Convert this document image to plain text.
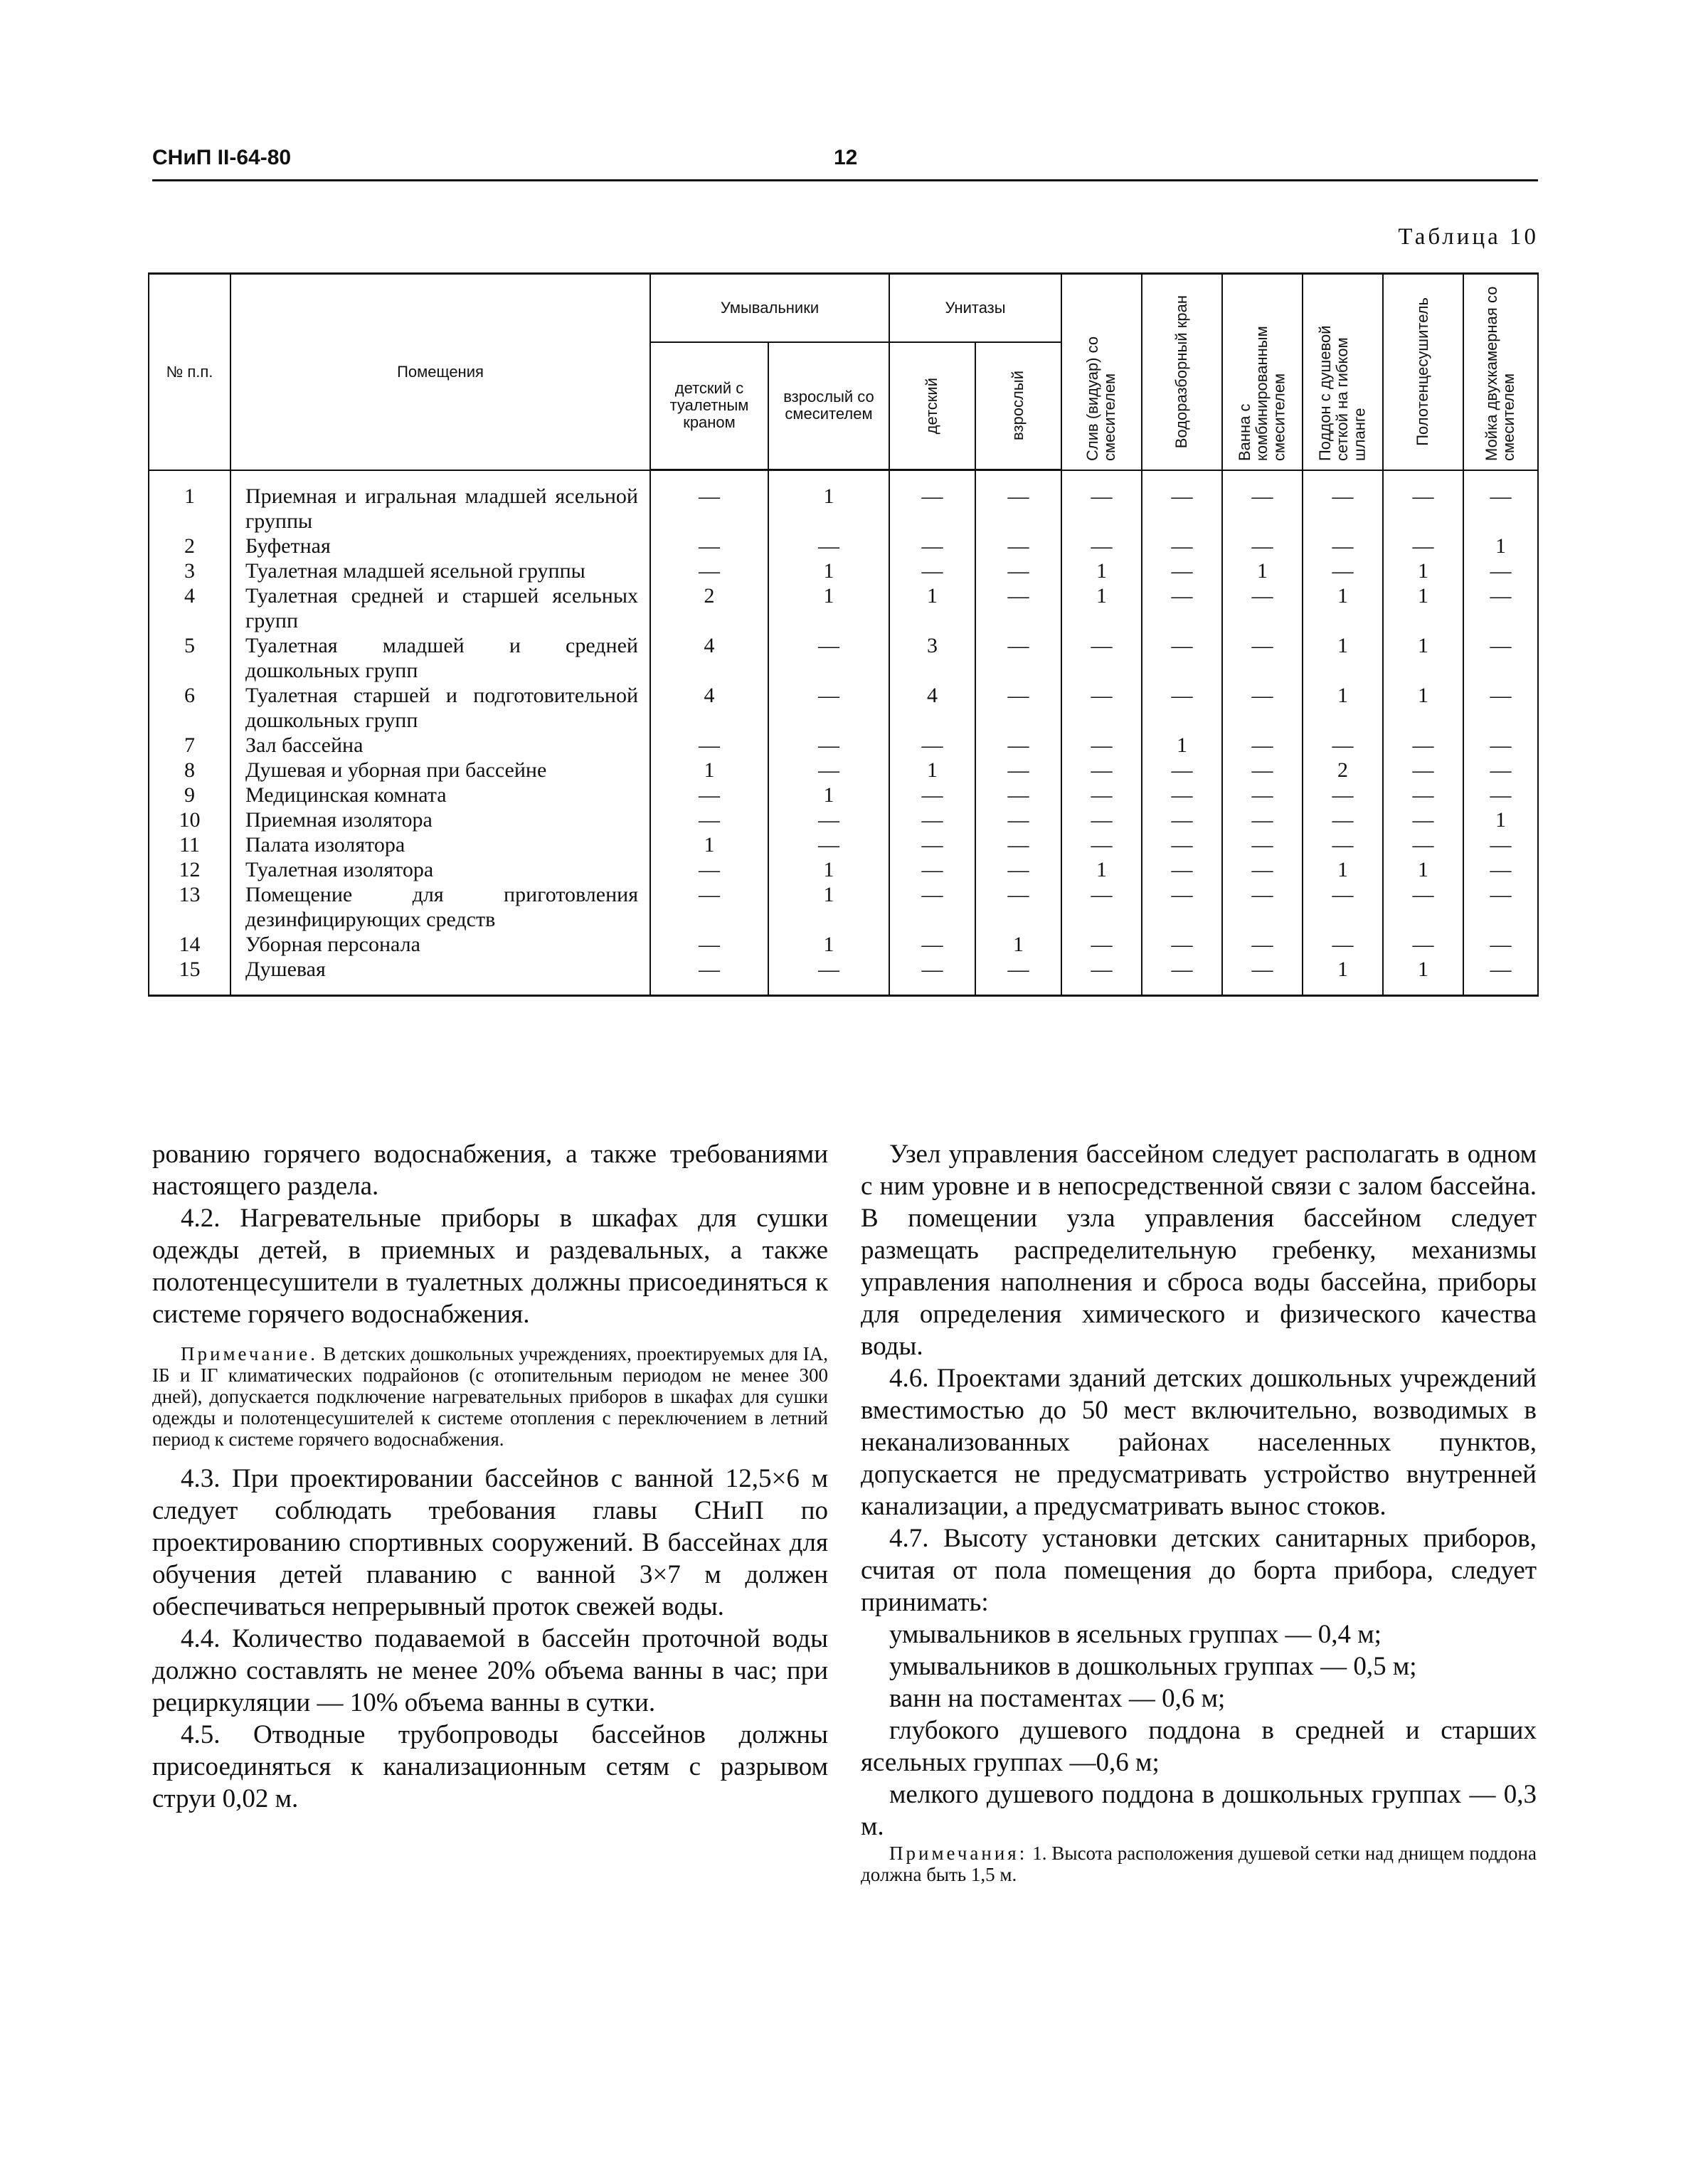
СНиП II-64-80	12
Таблица 10
№ п.п.	Помещения	Умывальники		Унитазы		Слив (видуар) со смесителем	Водоразборный кран	Ванна с комбинированным смесителем	Поддон с душевой сеткой на гибком шланге	Полотенцесушитель	Мойка двухкамерная со смесителем

		детский с туалетным краном	взрослый со смесителем	детский	взрослый						

1	Приемная и игральная младшей ясельной группы	—	1	—	—	—	—	—	—	—	—
2	Буфетная	—	—	—	—	—	—	—	—	—	1
3	Туалетная младшей ясельной группы	—	1	—	—	1	—	1	—	1	—
4	Туалетная средней и старшей ясельных групп	2	1	1	—	1	—	—	1	1	—
5	Туалетная младшей и средней дошкольных групп	4	—	3	—	—	—	—	1	1	—
6	Туалетная старшей и подготовительной дошкольных групп	4	—	4	—	—	—	—	1	1	—
7	Зал бассейна	—	—	—	—	—	1	—	—	—	—
8	Душевая и уборная при бассейне	1	—	1	—	—	—	—	2	—	—
9	Медицинская комната	—	1	—	—	—	—	—	—	—	—
10	Приемная изолятора	—	—	—	—	—	—	—	—	—	1
11	Палата изолятора	1	—	—	—	—	—	—	—	—	—
12	Туалетная изолятора	—	1	—	—	1	—	—	1	1	—
13	Помещение для приготовления дезинфицирующих средств	—	1	—	—	—	—	—	—	—	—
14	Уборная персонала	—	1	—	1	—	—	—	—	—	—
15	Душевая	—	—	—	—	—	—	—	1	1	—

рованию горячего водоснабжения, а также требованиями настоящего раздела.

4.2. Нагревательные приборы в шкафах для сушки одежды детей, в приемных и раздевальных, а также полотенцесушители в туалетных должны присоединяться к системе горячего водоснабжения.

Примечание. В детских дошкольных учреждениях, проектируемых для IA, IБ и IГ климатических подрайонов (с отопительным периодом не менее 300 дней), допускается подключение нагревательных приборов в шкафах для сушки одежды и полотенцесушителей к системе отопления с переключением в летний период к системе горячего водоснабжения.

4.3. При проектировании бассейнов с ванной 12,5×6 м следует соблюдать требования главы СНиП по проектированию спортивных сооружений. В бассейнах для обучения детей плаванию с ванной 3×7 м должен обеспечиваться непрерывный проток свежей воды.

4.4. Количество подаваемой в бассейн проточной воды должно составлять не менее 20% объема ванны в час; при рециркуляции — 10% объема ванны в сутки.

4.5. Отводные трубопроводы бассейнов должны присоединяться к канализационным сетям с разрывом струи 0,02 м.

Узел управления бассейном следует располагать в одном с ним уровне и в непосредственной связи с залом бассейна. В помещении узла управления бассейном следует размещать распределительную гребенку, механизмы управления наполнения и сброса воды бассейна, приборы для определения химического и физического качества воды.

4.6. Проектами зданий детских дошкольных учреждений вместимостью до 50 мест включительно, возводимых в неканализованных районах населенных пунктов, допускается не предусматривать устройство внутренней канализации, а предусматривать вынос стоков.

4.7. Высоту установки детских санитарных приборов, считая от пола помещения до борта прибора, следует принимать:

умывальников в ясельных группах — 0,4 м;

умывальников в дошкольных группах — 0,5 м;

ванн на постаментах — 0,6 м;

глубокого душевого поддона в средней и старших ясельных группах —0,6 м;

мелкого душевого поддона в дошкольных группах — 0,3 м.

Примечания: 1. Высота расположения душевой сетки над днищем поддона должна быть 1,5 м.
